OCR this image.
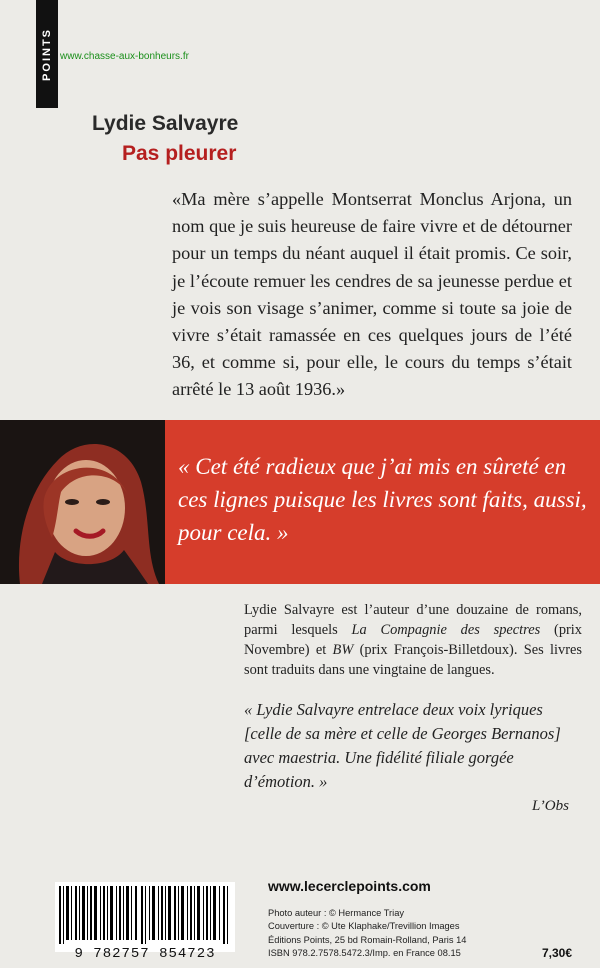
POINTS www.chasse-aux-bonheurs.fr
Lydie Salvayre
Pas pleurer
«Ma mère s’appelle Montserrat Monclus Arjona, un nom que je suis heureuse de faire vivre et de détourner pour un temps du néant auquel il était promis. Ce soir, je l’écoute remuer les cendres de sa jeunesse perdue et je vois son visage s’animer, comme si toute sa joie de vivre s’était ramassée en ces quelques jours de l’été 36, et comme si, pour elle, le cours du temps s’était arrêté le 13 août 1936.»
« Cet été radieux que j’ai mis en sûreté en ces lignes puisque les livres sont faits, aussi, pour cela. »
Lydie Salvayre est l’auteur d’une douzaine de romans, parmi lesquels La Compagnie des spectres (prix Novembre) et BW (prix François-Billetdoux). Ses livres sont traduits dans une vingtaine de langues.
« Lydie Salvayre entrelace deux voix lyriques [celle de sa mère et celle de Georges Bernanos] avec maestria. Une fidélité filiale gorgée d’émotion. »
L’Obs
www.lecerclepoints.com
Photo auteur : © Hermance Triay
Couverture : © Ute Klaphake/Trevillion Images
Éditions Points, 25 bd Romain-Rolland, Paris 14
ISBN 978.2.7578.5472.3/Imp. en France 08.15
9 782757 854723	7,30€
